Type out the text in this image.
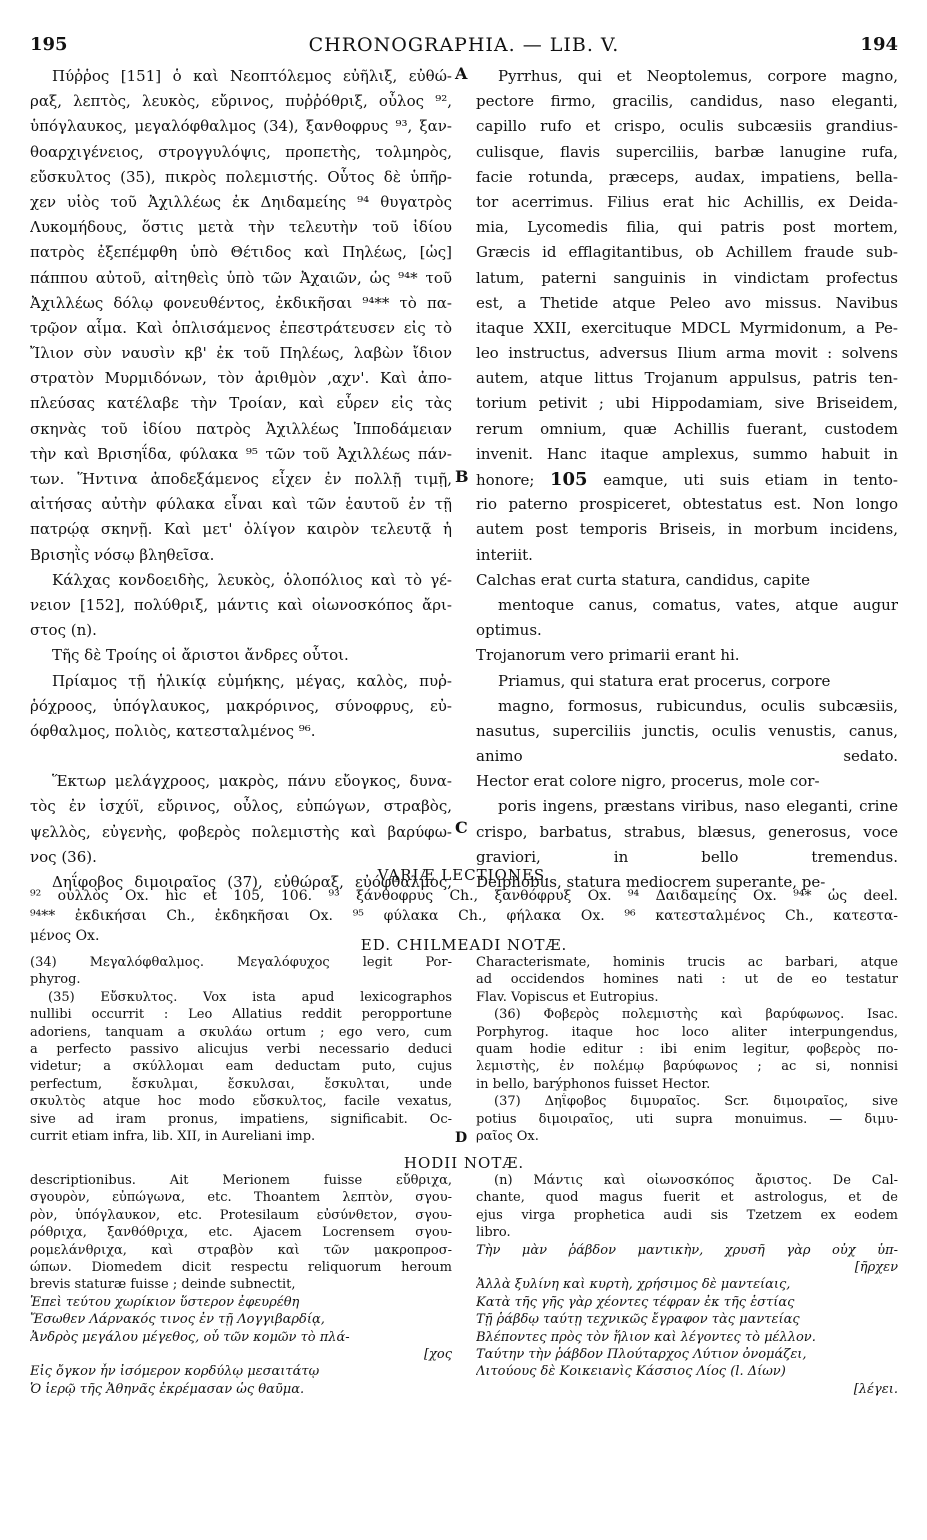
195	CHRONOGRAPHIA. — LIB. V.	194
Πύῤῥος [151] ὁ καὶ Νεοπτόλεμος εὐῆλιξ, εὐθώ-
ραξ, λεπτὸς, λευκὸς, εὔρινος, πυῤῥόθριξ, οὖλος ⁹²,
ὑπόγλαυκος, μεγαλόφθαλμος (34), ξανθοφρυς ⁹³, ξαν-
θοαρχιγένειος, στρογγυλόψις, προπετὴς, τολμηρὸς,
εὔσκυλτος (35), πικρὸς πολεμιστής. Οὗτος δὲ ὑπῆρ-
χεν υἱὸς τοῦ Ἀχιλλέως ἐκ Δηιδαμείης ⁹⁴ θυγατρὸς
Λυκομήδους, ὅστις μετὰ τὴν τελευτὴν τοῦ ἰδίου
πατρὸς ἐξεπέμφθη ὑπὸ Θέτιδος καὶ Πηλέως, [ὡς]
πάππου αὐτοῦ, αἰτηθεὶς ὑπὸ τῶν Ἀχαιῶν, ὡς ⁹⁴* τοῦ
Ἀχιλλέως δόλῳ φονευθέντος, ἐκδικῆσαι ⁹⁴** τὸ πα-
τρῷον αἷμα. Καὶ ὁπλισάμενος ἐπεστράτευσεν εἰς τὸ
Ἴλιον σὺν ναυσὶν κβ' ἐκ τοῦ Πηλέως, λαβὼν ἴδιον
στρατὸν Μυρμιδόνων, τὸν ἀριθμὸν ,αχν'. Καὶ ἀπο-
πλεύσας κατέλαβε τὴν Τροίαν, καὶ εὗρεν εἰς τὰς
σκηνὰς τοῦ ἰδίου πατρὸς Ἀχιλλέως Ἱπποδάμειαν
τὴν καὶ Βρισηΐδα, φύλακα ⁹⁵ τῶν τοῦ Ἀχιλλέως πάν-
των. Ἥντινα ἀποδεξάμενος εἶχεν ἐν πολλῇ τιμῇ,
αἰτήσας αὐτὴν φύλακα εἶναι καὶ τῶν ἑαυτοῦ ἐν τῇ
πατρῴᾳ σκηνῇ. Καὶ μετ' ὀλίγον καιρὸν τελευτᾷ ἡ
Βρισηῒς νόσῳ βληθεῖσα.
Κάλχας κονδοειδὴς, λευκὸς, ὁλοπόλιος καὶ τὸ γέ-
νειον [152], πολύθριξ, μάντις καὶ οἰωνοσκόπος ἄρι-
στος (n).
Τῆς δὲ Τροίης οἱ ἄριστοι ἄνδρες οὗτοι.
Πρίαμος τῇ ἡλικίᾳ εὐμήκης, μέγας, καλὸς, πυῤ-
ῥόχροος, ὑπόγλαυκος, μακρόρινος, σύνοφρυς, εὐ-
όφθαλμος, πολιὸς, κατεσταλμένος ⁹⁶.
Ἕκτωρ μελάγχροος, μακρὸς, πάνυ εὔογκος, δυνα-
τὸς ἐν ἰσχύϊ, εὔρινος, οὖλος, εὐπώγων, στραβὸς,
ψελλὸς, εὐγενὴς, φοβερὸς πολεμιστὴς καὶ βαρύφω-
νος (36).
Δηΐφοβος διμοιραῖος (37), εὐθώραξ, εὐόφθαλμος,
A
B
C
Pyrrhus, qui et Neoptolemus, corpore magno,
pectore firmo, gracilis, candidus, naso eleganti,
capillo rufo et crispo, oculis subcæsiis grandius-
culisque, flavis superciliis, barbæ lanugine rufa,
facie rotunda, præceps, audax, impatiens, bella-
tor acerrimus. Filius erat hic Achillis, ex Deida-
mia, Lycomedis filia, qui patris post mortem,
Græcis id efflagitantibus, ob Achillem fraude sub-
latum, paterni sanguinis in vindictam profectus
est, a Thetide atque Peleo avo missus. Navibus
itaque XXII, exercituque MDCL Myrmidonum, a Pe-
leo instructus, adversus Ilium arma movit : solvens
autem, atque littus Trojanum appulsus, patris ten-
torium petivit ; ubi Hippodamiam, sive Briseidem,
rerum omnium, quæ Achillis fuerant, custodem
invenit. Hanc itaque amplexus, summo habuit in
honore; 105 eamque, uti suis etiam in tento-
rio paterno prospiceret, obtestatus est. Non longo
autem post temporis Briseis, in morbum incidens,
interiit.
Calchas erat curta statura, candidus, capite
mentoque canus, comatus, vates, atque augur
optimus.
Trojanorum vero primarii erant hi.
Priamus, qui statura erat procerus, corpore
magno, formosus, rubicundus, oculis subcæsiis,
nasutus, superciliis junctis, oculis venustis, canus,
animo sedato.
Hector erat colore nigro, procerus, mole cor-
poris ingens, præstans viribus, naso eleganti, crine
crispo, barbatus, strabus, blæsus, generosus, voce
graviori, in bello tremendus.
Deiphobus, statura mediocrem superante, pe-
VARIÆ LECTIONES.
⁹² οὐλλὸς Ox. hic et 105, 106. ⁹³ ξάνθοφρυς Ch., ξανθόφρυξ Ox. ⁹⁴ Δαιδαμείης Ox. ⁹⁴* ὡς deel.
⁹⁴** ἐκδικήσαι Ch., ἐκδηκῆσαι Ox. ⁹⁵ φύλακα Ch., φήλακα Ox. ⁹⁶ κατεσταλμένος Ch., κατεστα-
μένος Ox.	ED. CHILMEADI NOTÆ.
(34) Μεγαλόφθαλμος. Μεγαλόφυχος legit Por-
phyrog.
(35) Εὔσκυλτος. Vox ista apud lexicographos
nullibi occurrit : Leo Allatius reddit peropportune
adoriens, tanquam a σκυλάω ortum ; ego vero, cum
a perfecto passivo alicujus verbi necessario deduci
videtur; a σκύλλομαι eam deductam puto, cujus
perfectum, ἔσκυλμαι, ἔσκυλσαι, ἔσκυλται, unde
σκυλτὸς atque hoc modo εὔσκυλτος, facile vexatus,
sive ad iram pronus, impatiens, significabit. Oc-
currit etiam infra, lib. XII, in Aureliani imp.	D
Characterismate, hominis trucis ac barbari, atque
ad occidendos homines nati : ut de eo testatur
Flav. Vopiscus et Eutropius.
(36) Φοβερὸς πολεμιστὴς καὶ βαρύφωνος. Isac.
Porphyrog. itaque hoc loco aliter interpungendus,
quam hodie editur : ibi enim legitur, φοβερὸς πο-
λεμιστὴς, ἐν πολέμῳ βαρύφωνος ; ac si, nonnisi
in bello, barýphonos fuisset Hector.
(37) Δηΐφοβος διμυραῖος. Scr. διμοιραῖος, sive
potius διμοιραῖος, uti supra monuimus. — διμυ-
ραῖος Ox.
HODII NOTÆ.
descriptionibus. Ait Merionem fuisse εὔθριχα,
σγουρὸν, εὐπώγωνα, etc. Thoantem λεπτὸν, σγου-
ρὸν, ὑπόγλαυκον, etc. Protesilaum εὐσύνθετον, σγου-
ρόθριχα, ξανθόθριχα, etc. Ajacem Locrensem σγου-
ρομελάνθριχα, καὶ στραβὸν καὶ τῶν μακροπροσ-
ώπων. Diomedem dicit respectu reliquorum heroum
brevis staturæ fuisse ; deinde subnectit,
Ἐπεὶ τεύτου χωρίκιον ὕστερον ἐφευρέθη
Ἔσωθεν Λάρνακός τινος ἐν τῇ Λογγιβαρδίᾳ,
Ἀνδρὸς μεγάλου μέγεθος, οὗ τῶν κομῶν τὸ πλά-
[χος
Εἰς ὄγκον ἦν ἰσόμερον κορδύλῳ μεσαιτάτῳ
Ὁ ἱερῷ τῆς Ἀθηνᾶς ἐκρέμασαν ὡς θαῦμα.
(n) Μάντις καὶ οἰωνοσκόπος ἄριστος. De Cal-
chante, quod magus fuerit et astrologus, et de
ejus virga prophetica audi sis Tzetzem ex eodem
libro.
Τὴν μὰν ῥάβδον μαντικὴν, χρυσῆ γὰρ οὐχ ὑπ-
[ῆρχεν
Ἀλλὰ ξυλίνη καὶ κυρτὴ, χρήσιμος δὲ μαντείαις,
Κατὰ τῆς γῆς γὰρ χέοντες τέφραν ἐκ τῆς ἑστίας
Τῇ ῥάβδῳ ταύτῃ τεχνικῶς ἔγραφον τὰς μαντείας
Βλέποντες πρὸς τὸν ἥλιον καὶ λέγοντες τὸ μέλλον.
Ταύτην τὴν ῥάβδον Πλούταρχος Λύτιον ὀνομάζει,
Λιτούους δὲ Κοικειανὶς Κάσσιος Λίος (l. Δίων)
[λέγει.
